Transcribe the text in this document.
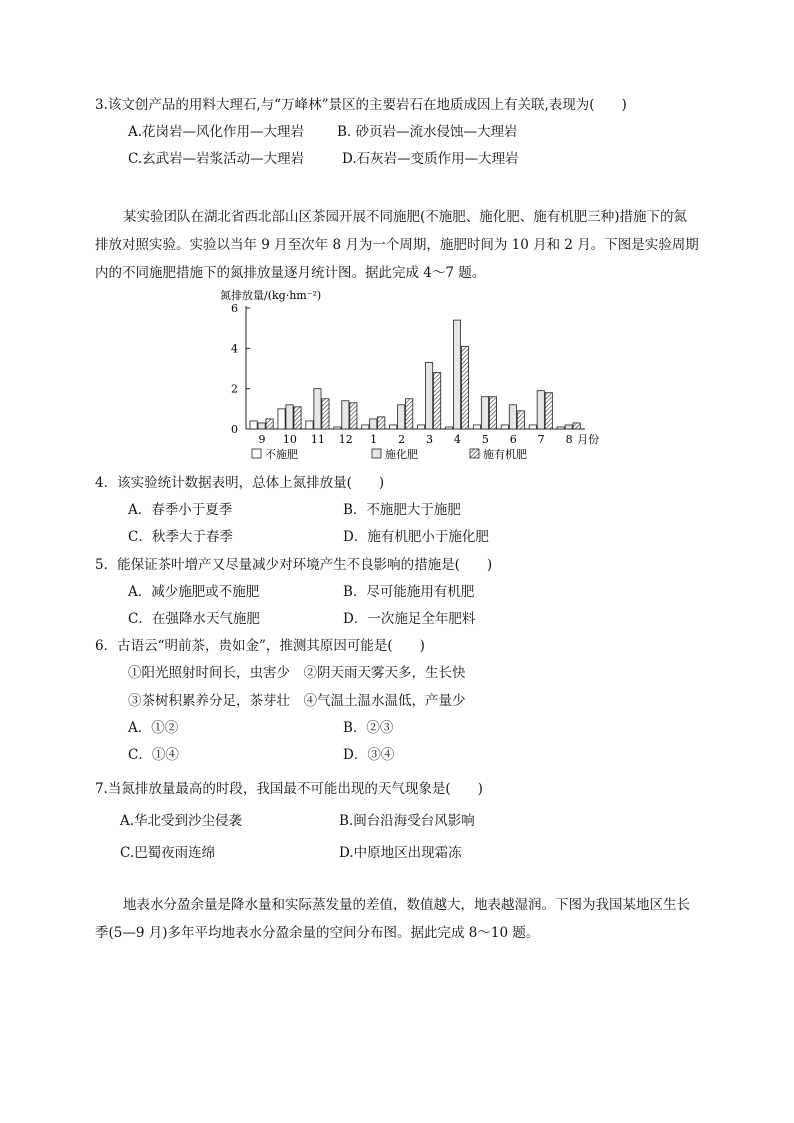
3.该文创产品的用料大理石,与“万峰林”景区的主要岩石在地质成因上有关联,表现为(　　)
A.花岗岩—风化作用—大理岩 B. 砂页岩—流水侵蚀—大理岩
C.玄武岩—岩浆活动—大理岩	D.石灰岩—变质作用—大理岩
某实验团队在湖北省西北部山区茶园开展不同施肥(不施肥、施化肥、施有机肥三种)措施下的氮排放对照实验。实验以当年 9 月至次年 8 月为一个周期，施肥时间为 10 月和 2 月。下图是实验周期内的不同施肥措施下的氮排放量逐月统计图。据此完成 4～7 题。
氮排放量/(kg·hm⁻²)
0
2
4
6
9 10 11 12 1 2 3 4 5 6 7 8 月份
不施肥	施化肥	施有机肥
4．该实验统计数据表明，总体上氮排放量(　　)
A．春季小于夏季	B．不施肥大于施肥
C．秋季大于春季	D．施有机肥小于施化肥
5．能保证茶叶增产又尽量减少对环境产生不良影响的措施是(　　)
A．减少施肥或不施肥	B．尽可能施用有机肥
C．在强降水天气施肥	D．一次施足全年肥料
6．古语云“明前茶，贵如金”，推测其原因可能是(　　)
①阳光照射时间长，虫害少　②阴天雨天雾天多，生长快
③茶树积累养分足，茶芽壮　④气温土温水温低，产量少
A．①②	B．②③
C．①④	D．③④
7.当氮排放量最高的时段，我国最不可能出现的天气现象是(　　)
A.华北受到沙尘侵袭	B.闽台沿海受台风影响
C.巴蜀夜雨连绵	D.中原地区出现霜冻
地表水分盈余量是降水量和实际蒸发量的差值，数值越大，地表越湿润。下图为我国某地区生长季(5—9 月)多年平均地表水分盈余量的空间分布图。据此完成 8～10 题。
